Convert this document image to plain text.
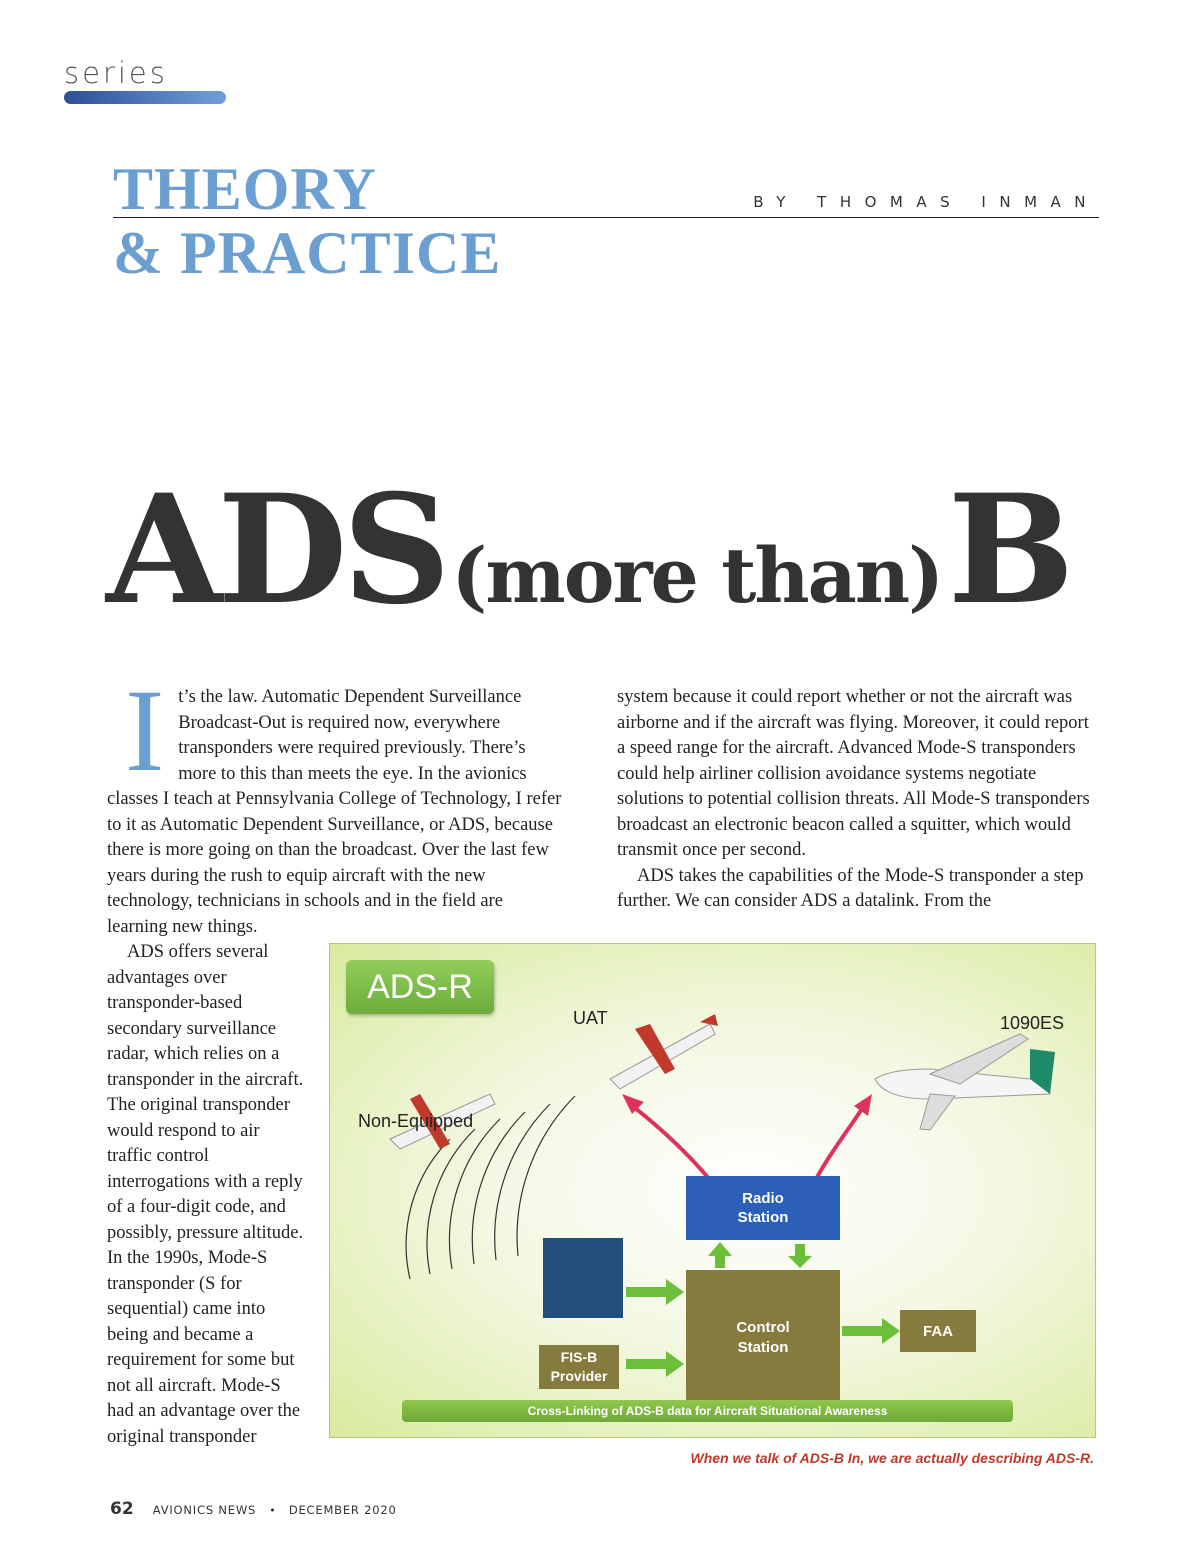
series
THEORY
& PRACTICE
BY THOMAS INMAN
ADS (more than) B

It’s the law. Automatic Dependent Surveillance Broadcast-Out is required now, everywhere transponders were required previously. There’s more to this than meets the eye. In the avionics classes I teach at Pennsylvania College of Technology, I refer to it as Automatic Dependent Surveillance, or ADS, because there is more going on than the broadcast. Over the last few years during the rush to equip aircraft with the new technology, technicians in schools and in the field are learning new things.

ADS offers several advantages over transponder-based secondary surveillance radar, which relies on a transponder in the aircraft. The original transponder would respond to air traffic control interrogations with a reply of a four-digit code, and possibly, pressure altitude. In the 1990s, Mode-S transponder (S for sequential) came into being and became a requirement for some but not all aircraft. Mode-S had an advantage over the original transponder

system because it could report whether or not the aircraft was airborne and if the aircraft was flying. Moreover, it could report a speed range for the aircraft. Advanced Mode-S transponders could help airliner collision avoidance systems negotiate solutions to potential collision threats. All Mode-S transponders broadcast an electronic beacon called a squitter, which would transmit once per second.

ADS takes the capabilities of the Mode-S transponder a step further. We can consider ADS a datalink. From the

ADS-R
UAT	1090ES
Non-Equipped
Radio
Station
Control
Station
FAA
FIS-B
Provider
Cross-Linking of ADS-B data for Aircraft Situational Awareness
When we talk of ADS-B In, we are actually describing ADS-R.
62 AVIONICS NEWS • DECEMBER 2020
